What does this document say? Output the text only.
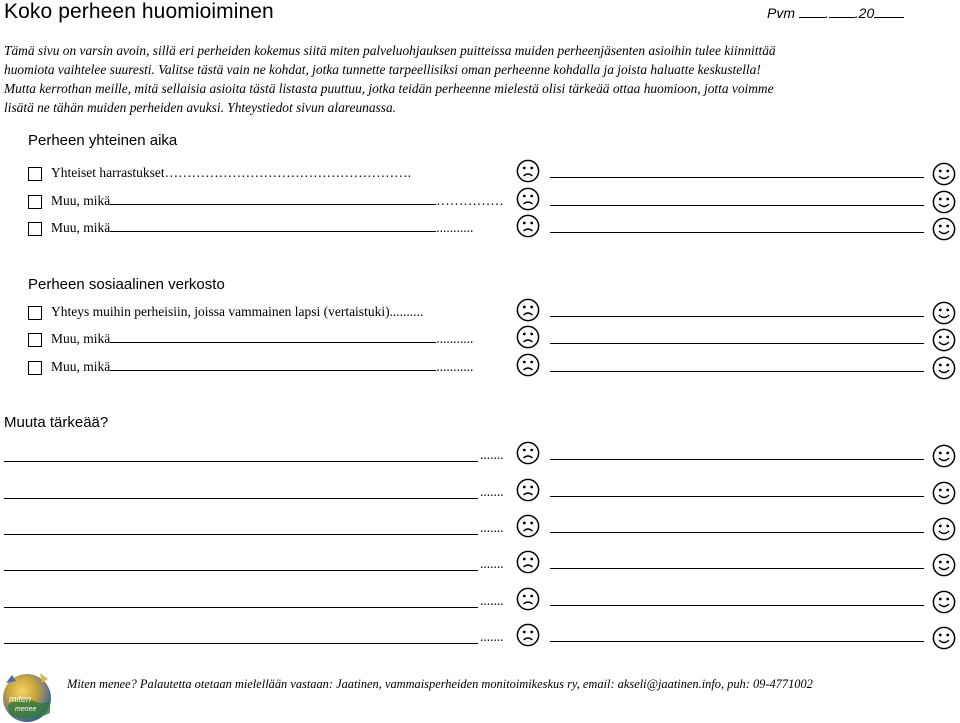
Koko perheen huomioiminen	Pvm . .20

Tämä sivu on varsin avoin, sillä eri perheiden kokemus siitä miten palveluohjauksen puitteissa muiden perheenjäsenten asioihin tulee kiinnittää

huomiota vaihtelee suuresti. Valitse tästä vain ne kohdat, jotka tunnette tarpeellisiksi oman perheenne kohdalla ja joista haluatte keskustella!

Mutta kerrothan meille, mitä sellaisia asioita tästä listasta puuttuu, jotka teidän perheenne mielestä olisi tärkeää ottaa huomioon, jotta voimme

lisätä ne tähän muiden perheiden avuksi. Yhteystiedot sivun alareunassa.

Perheen yhteinen aika
Yhteiset harrastukset……………………………………………….
Muu, mikä	……………
Muu, mikä	...........
Perheen sosiaalinen verkosto
Yhteys muihin perheisiin, joissa vammainen lapsi (vertaistuki)..........
Muu, mikä	...........
Muu, mikä	...........
Muuta tärkeää?
.......
.......
.......
.......
.......
.......
miten
menee
Miten menee? Palautetta otetaan mielellään vastaan: Jaatinen, vammaisperheiden monitoimikeskus ry, email: akseli@jaatinen.info, puh: 09-4771002
